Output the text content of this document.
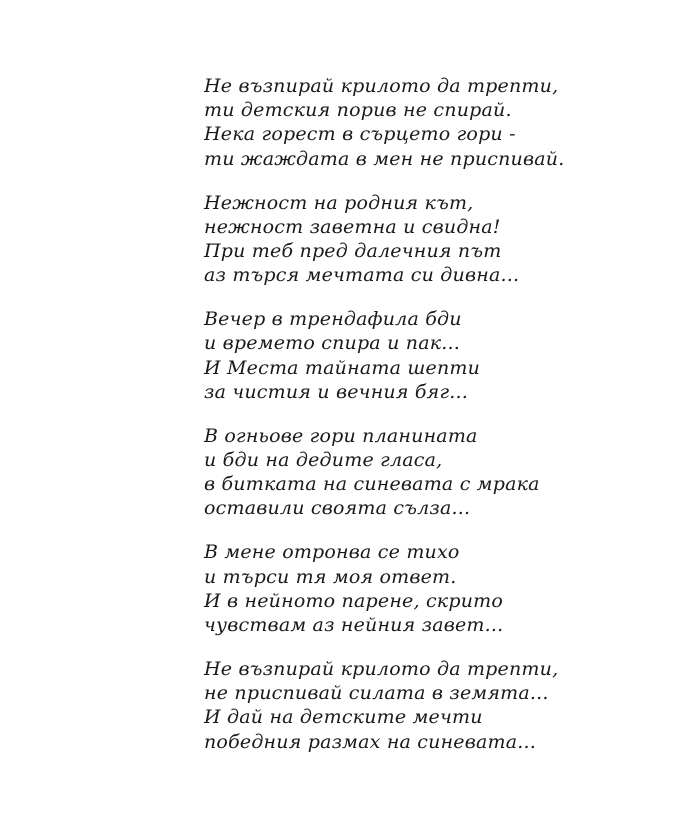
Не възпирай крилото да трепти,
ти детския порив не спирай.
Нека горест в сърцето гори -
ти жаждата в мен не приспивай.
Нежност на родния кът,
нежност заветна и свидна!
При теб пред далечния път
аз търся мечтата си дивна...
Вечер в трендафила бди
и времето спира и пак...
И Места тайната шепти
за чистия и вечния бяг...
В огньове гори планината
и бди на дедите гласа,
в битката на синевата с мрака
оставили своята сълза...
В мене отронва се тихо
и търси тя моя ответ.
И в нейното парене, скрито
чувствам аз нейния завет...
Не възпирай крилото да трепти,
не приспивай силата в земята...
И дай на детските мечти
победния размах на синевата...
